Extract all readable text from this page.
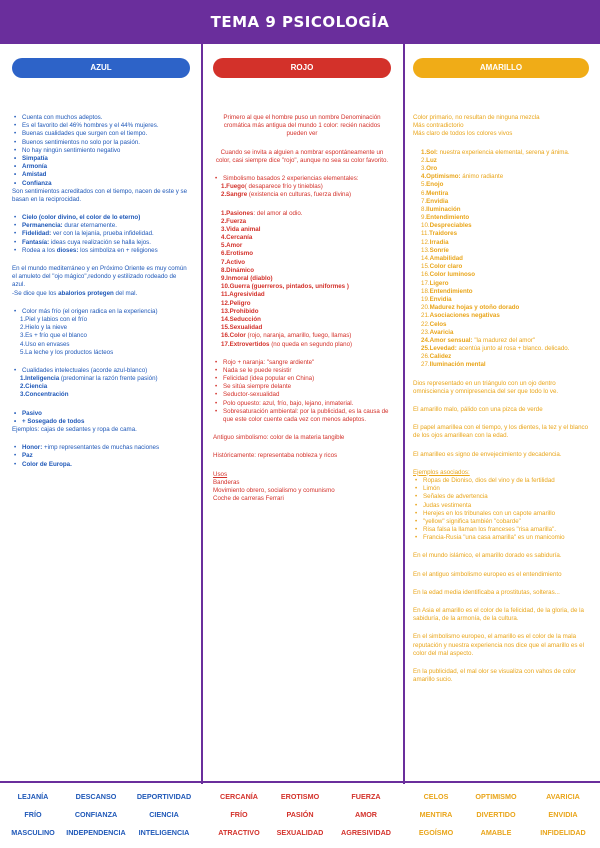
TEMA 9 PSICOLOGÍA
AZUL
• Cuenta con muchos adeptos.
• Es el favorito del 46% hombres y el 44% mujeres.
• Buenas cualidades que surgen con el tiempo.
• Buenos sentimientos no solo por la pasión.
• No hay ningún sentimiento negativo
• Simpatía
• Armonía
• Amistad
• Confianza

Son sentimientos acreditados con el tiempo, nacen de este y se basan en la reciprocidad.

• Cielo (color divino, el color de lo eterno)
• Permanencia: durar eternamente.
• Fidelidad: ver con la lejanía, prueba infidelidad.
• Fantasía: ideas cuya realización se halla lejos.
• Rodea a los dioses: los simboliza en + religiones

En el mundo mediterráneo y en Próximo Oriente es muy común el amuleto del "ojo mágico",redondo y estilizado rodeado de azul.

-Se dice que los abalorios protegen del mal.

• Color más frío (el origen radica en la experiencia)
1.Piel y labios con el frío
2.Hielo y la nieve
3.Es + frío que el blanco
4.Uso en envases
5.La leche y los productos lácteos
• Cualidades intelectuales (acorde azul-blanco)
1.Inteligencia (predominar la razón frente pasión)
2.Ciencia
3.Concentración
• Pasivo
• + Sosegado de todos

Ejemplos: cajas de sedantes y ropa de cama.

• Honor: +imp representantes de muchas naciones
• Paz
• Color de Europa.
ROJO

Primero al que el hombre puso un nombre Denominación cromática más antigua del mundo 1 color: recién nacidos pueden ver

Cuando se invita a alguien a nombrar espontáneamente un color, casi siempre dice "rojo", aunque no sea su color favorito.

• Simbolismo basados 2 experiencias elementales:
1.Fuego( desaparece frío y tinieblas)
2.Sangre (existencia en culturas, fuerza divina)
1.Pasiones: del amor al odio.
2.Fuerza
3.Vida animal
4.Cercanía
5.Amor
6.Erotismo
7.Activo
8.Dinámico
9.Inmoral (diablo)
10.Guerra (guerreros, pintados, uniformes )
11.Agresividad
12.Peligro
13.Prohibido
14.Seducción
15.Sexualidad
16.Color (rojo, naranja, amarillo, fuego, llamas)
17.Extrovertidos (no queda en segundo plano)
• Rojo + naranja: "sangre ardiente"
• Nada se le puede resistir
• Felicidad (idea popular en China)
• Se sitúa siempre delante
• Seductor-sexualidad
• Polo opuesto: azul, frío, bajo, lejano, inmaterial.
• Sobresaturación ambiental: por la publicidad, es la causa de que este color cuente cada vez con menos adeptos.

Antiguo simbolismo: color de la materia tangible

Históricamente: representaba nobleza y ricos

Usos

Banderas

Movimiento obrero, socialismo y comunismo

Coche de carreras Ferrari

AMARILLO

Color primario, no resultan de ninguna mezcla

Más contradictorio

Más claro de todos los colores vivos

1.Sol: nuestra experiencia elemental, serena y ánima.
2.Luz
3.Oro
4.Optimismo: ánimo radiante
5.Enojo
6.Mentira
7.Envidia
8.Iluminación
9.Entendimiento
10.Despreciables
11.Traidores
12.Irradia
13.Sonríe
14.Amabilidad
15.Color claro
16.Color luminoso
17.Ligero
18.Entendimiento
19.Envidia
20.Madurez hojas y otoño dorado
21.Asociaciones negativas
22.Celos
23.Avaricia
24.Amor sensual: "la madurez del amor"
25.Levedad: acentúa junto al rosa + blanco. delicado.
26.Calidez
27.Iluminación mental

Dios representado en un triángulo con un ojo dentro omnisciencia y omnipresencia del ser que todo lo ve.

El amarillo malo, pálido con una pizca de verde

El papel amarillea con el tiempo, y los dientes, la tez y el blanco de los ojos amarillean con la edad.

El amarilleo es signo de envejecimiento y decadencia.

Ejemplos asociados:

• Ropas de Dioniso, dios del vino y de la fertilidad
• Limón
• Señales de advertencia
• Judas vestimenta
• Herejes en los tribunales con un capote amarillo
• "yellow" significa también "cobarde"
• Risa falsa la llaman los franceses "risa amarilla".
• Francia-Rusia "una casa amarilla" es un manicomio

En el mundo islámico, el amarillo dorado es sabiduría.

En el antiguo simbolismo europeo es el entendimiento

En la edad media identificaba a prostitutas, solteras...

En Asia el amarillo es el color de la felicidad, de la gloria, de la sabiduría, de la armonía, de la cultura.

En el simbolismo europeo, el amarillo es el color de la mala reputación y nuestra experiencia nos dice que el amarillo es el color del mal aspecto.

En la publicidad, el mal olor se visualiza con vahos de color amarillo sucio.

LEJANÍA	DESCANSO	DEPORTIVIDAD
FRÍO	CONFIANZA	CIENCIA
MASCULINO	INDEPENDENCIA	INTELIGENCIA
CERCANÍA	EROTISMO	FUERZA
FRÍO	PASIÓN	AMOR
ATRACTIVO	SEXUALIDAD	AGRESIVIDAD
CELOS	OPTIMISMO	AVARICIA
MENTIRA	DIVERTIDO	ENVIDIA
EGOÍSMO	AMABLE	INFIDELIDAD
